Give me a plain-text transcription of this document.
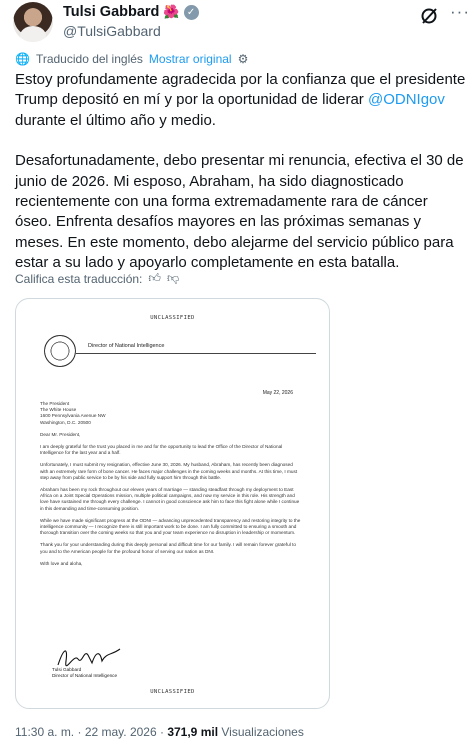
Tulsi Gabbard 🌺 ✓
@TulsiGabbard
···
🌐 Traducido del inglés Mostrar original ⚙

Estoy profundamente agradecida por la confianza que el presidente Trump depositó en mí y por la oportunidad de liderar @ODNIgov durante el último año y medio.

Desafortunadamente, debo presentar mi renuncia, efectiva el 30 de junio de 2026. Mi esposo, Abraham, ha sido diagnosticado recientemente con una forma extremadamente rara de cáncer óseo. Enfrenta desafíos mayores en las próximas semanas y meses. En este momento, debo alejarme del servicio público para estar a su lado y apoyarlo completamente en esta batalla.

Califica esta traducción: 👍︎ 👎︎
UNCLASSIFIED
Director of National Intelligence
May 22, 2026

The President
The White House
1600 Pennsylvania Avenue NW
Washington, D.C. 20500

Dear Mr. President,

I am deeply grateful for the trust you placed in me and for the opportunity to lead the Office of the Director of National Intelligence for the last year and a half.

Unfortunately, I must submit my resignation, effective June 30, 2026. My husband, Abraham, has recently been diagnosed with an extremely rare form of bone cancer. He faces major challenges in the coming weeks and months. At this time, I must step away from public service to be by his side and fully support him through this battle.

Abraham has been my rock throughout our eleven years of marriage — standing steadfast through my deployment to East Africa on a Joint Special Operations mission, multiple political campaigns, and now my service in this role. His strength and love have sustained me through every challenge. I cannot in good conscience ask him to face this fight alone while I continue in this demanding and time-consuming position.

While we have made significant progress at the ODNI — advancing unprecedented transparency and restoring integrity to the intelligence community — I recognize there is still important work to be done. I am fully committed to ensuring a smooth and thorough transition over the coming weeks so that you and your team experience no disruption in leadership or momentum.

Thank you for your understanding during this deeply personal and difficult time for our family. I will remain forever grateful to you and to the American people for the profound honor of serving our nation as DNI.

With love and aloha,

Tulsi Gabbard
Director of National Intelligence
UNCLASSIFIED
11:30 a. m. · 22 may. 2026 · 371,9 mil Visualizaciones
